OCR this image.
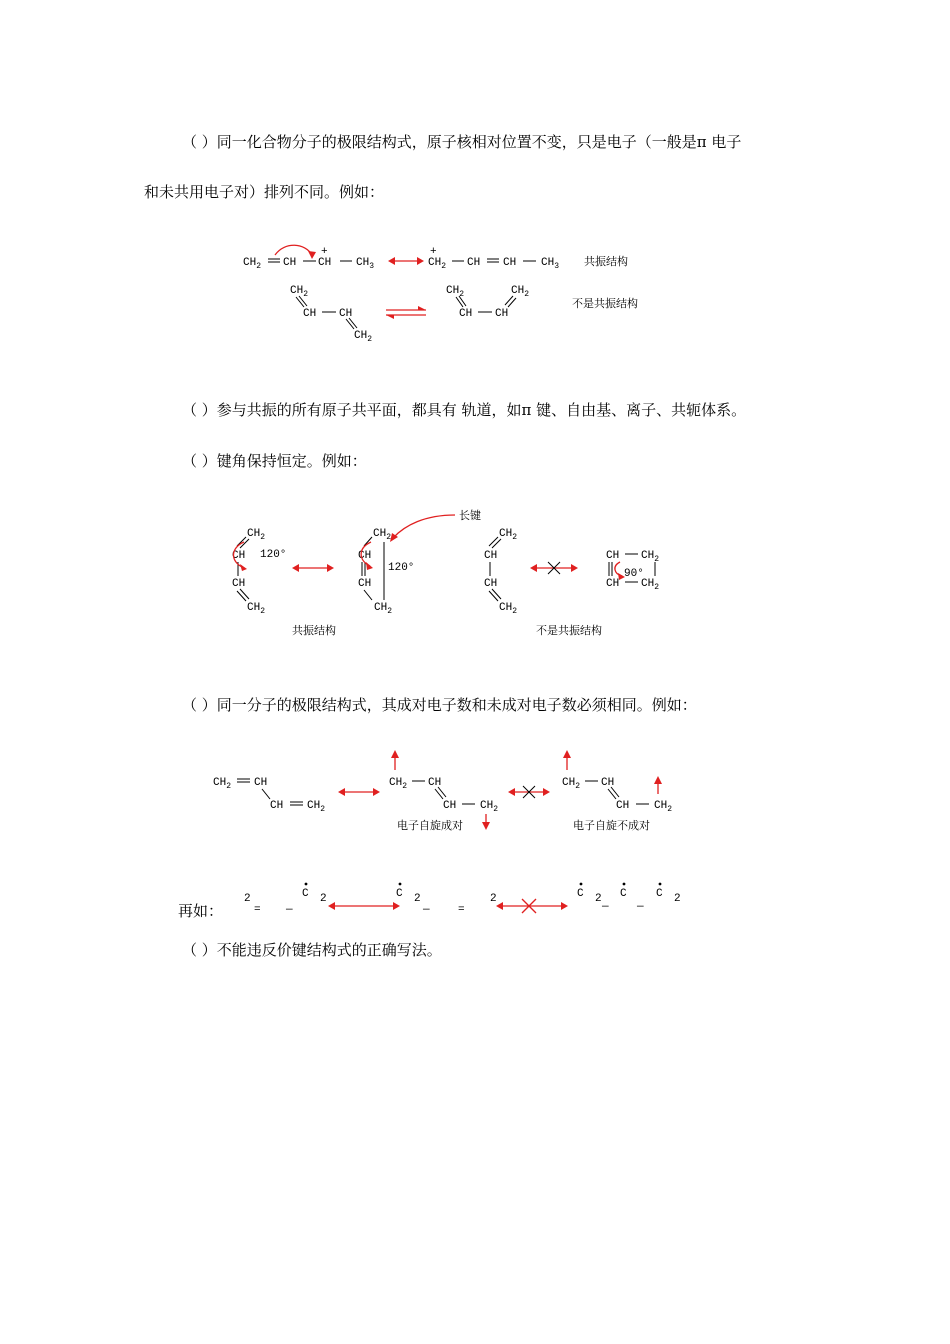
（ ）同一化合物分子的极限结构式，原子核相对位置不变，只是电子（一般是π 电子
和未共用电子对）排列不同。例如：
$CH_2$ CH
+
CH $CH_3$
+
$CH_2$ CH CH $CH_3$ 共振结构
$CH_2$
CH CH
$CH_2$
$CH_2$
CH CH
$CH_2$
不是共振结构
（ ）参与共振的所有原子共平面，都具有 轨道，如π 键、自由基、离子、共轭体系。
（ ）键角保持恒定。例如：
$CH_2$
CH
CH
$CH_2$
120°
$CH_2$
CH
CH
$CH_2$
120°
长键
$CH_2$
CH
CH
$CH_2$
CH $CH_2$
CH $CH_2$
90°
共振结构	不是共振结构
（ ）同一分子的极限结构式，其成对电子数和未成对电子数必须相同。例如：
$CH_2$ CH
CH $CH_2$
$CH_2$ CH
CH $CH_2$
$CH_2$ CH
CH $CH_2$
电子自旋成对	电子自旋不成对
再如：
2
= —
C 2	C 2
—	=
2	C 2
—
C
—
C 2
（ ）不能违反价键结构式的正确写法。
